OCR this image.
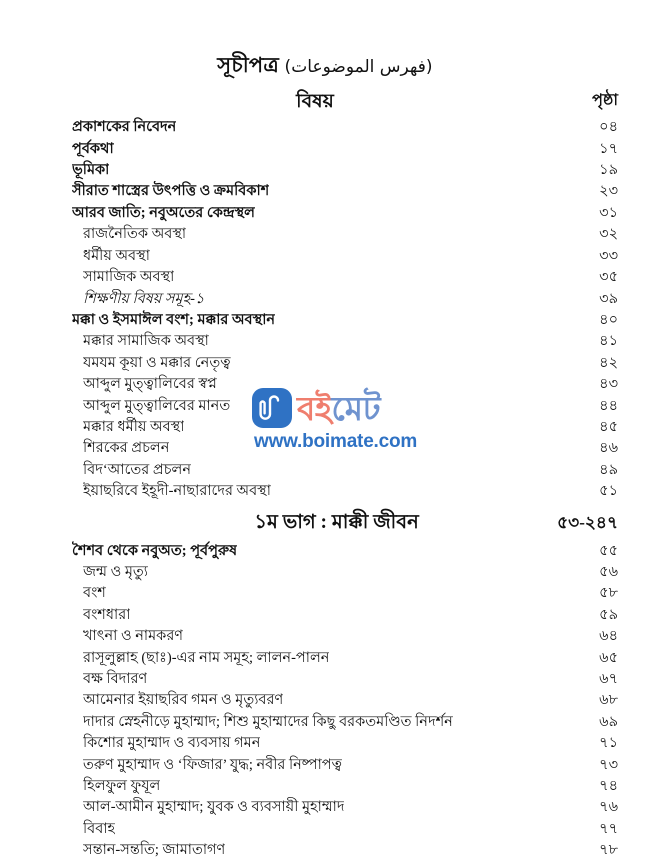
সূচীপত্র (فهرس الموضوعات)
বিষয়	পৃষ্ঠা
প্রকাশকের নিবেদন	০৪
পূর্বকথা	১৭
ভূমিকা	১৯
সীরাত শাস্ত্রের উৎপত্তি ও ক্রমবিকাশ	২৩
আরব জাতি; নবুঅতের কেন্দ্রস্থল	৩১
রাজনৈতিক অবস্থা	৩২
ধর্মীয় অবস্থা	৩৩
সামাজিক অবস্থা	৩৫
শিক্ষণীয় বিষয় সমূহ-১	৩৯
মক্কা ও ইসমাঈল বংশ; মক্কার অবস্থান	৪০
মক্কার সামাজিক অবস্থা	৪১
যমযম কূয়া ও মক্কার নেতৃত্ব	৪২
আব্দুল মুত্ত্বালিবের স্বপ্ন	৪৩
আব্দুল মুত্ত্বালিবের মানত	৪৪
মক্কার ধর্মীয় অবস্থা	৪৫
শিরকের প্রচলন	৪৬
বিদ‘আতের প্রচলন	৪৯
ইয়াছরিবে ইহূদী-নাছারাদের অবস্থা	৫১
১ম ভাগ : মাক্কী জীবন	৫৩-২৪৭
শৈশব থেকে নবুঅত; পূর্বপুরুষ	৫৫
জন্ম ও মৃত্যু	৫৬
বংশ	৫৮
বংশধারা	৫৯
খাৎনা ও নামকরণ	৬৪
রাসূলুল্লাহ (ছাঃ)-এর নাম সমূহ; লালন-পালন	৬৫
বক্ষ বিদারণ	৬৭
আমেনার ইয়াছরিব গমন ও মৃত্যুবরণ	৬৮
দাদার স্নেহনীড়ে মুহাম্মাদ; শিশু মুহাম্মাদের কিছু বরকতমণ্ডিত নিদর্শন	৬৯
কিশোর মুহাম্মাদ ও ব্যবসায় গমন	৭১
তরুণ মুহাম্মাদ ও ‘ফিজার’ যুদ্ধ; নবীর নিষ্পাপত্ব	৭৩
হিলফুল ফুযূল	৭৪
আল-আমীন মুহাম্মাদ; যুবক ও ব্যবসায়ী মুহাম্মাদ	৭৬
বিবাহ	৭৭
সন্তান-সন্ততি; জামাতাগণ	৭৮
বইমেট
www.boimate.com
